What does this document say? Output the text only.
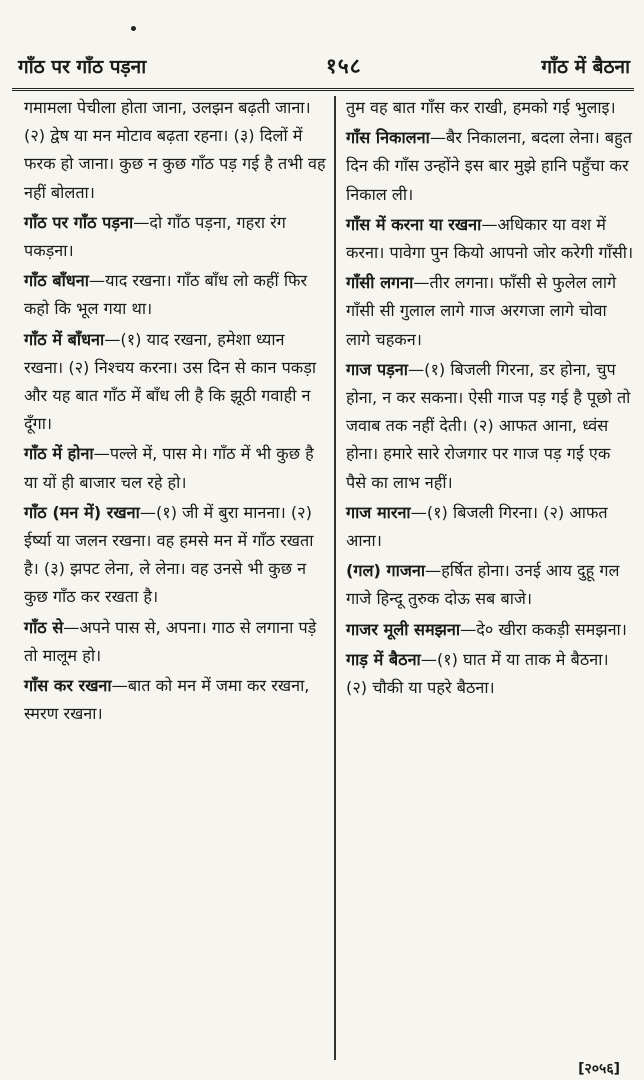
गाँठ पर गाँठ पड़ना	१५८	गाँठ में बैठना
गमामला पेचीला होता जाना, उलझन बढ़ती जाना। (२) द्वेष या मन मोटाव बढ़ता रहना। (३) दिलों में फरक हो जाना। कुछ न कुछ गाँठ पड़ गई है तभी वह नहीं बोलता।
गाँठ पर गाँठ पड़ना—दो गाँठ पड़ना, गहरा रंग पकड़ना।
गाँठ बाँधना—याद रखना। गाँठ बाँध लो कहीं फिर कहो कि भूल गया था।
गाँठ में बाँधना—(१) याद रखना, हमेशा ध्यान रखना। (२) निश्चय करना। उस दिन से कान पकड़ा और यह बात गाँठ में बाँध ली है कि झूठी गवाही न दूँगा।
गाँठ में होना—पल्ले में, पास मे। गाँठ में भी कुछ है या यों ही बाजार चल रहे हो।
गाँठ (मन में) रखना—(१) जी में बुरा मानना। (२) ईर्ष्या या जलन रखना। वह हमसे मन में गाँठ रखता है। (३) झपट लेना, ले लेना। वह उनसे भी कुछ न कुछ गाँठ कर रखता है।
गाँठ से—अपने पास से, अपना। गाठ से लगाना पड़े तो मालूम हो।
गाँस कर रखना—बात को मन में जमा कर रखना, स्मरण रखना।
तुम वह बात गाँस कर राखी, हमको गई भुलाइ।
गाँस निकालना—बैर निकालना, बदला लेना। बहुत दिन की गाँस उन्होंने इस बार मुझे हानि पहुँचा कर निकाल ली।
गाँस में करना या रखना—अधिकार या वश में करना। पावेगा पुन कियो आपनो जोर करेगी गाँसी।
गाँसी लगना—तीर लगना। फाँसी से फुलेल लागे गाँसी सी गुलाल लागे गाज अरगजा लागे चोवा लागे चहकन।
गाज पड़ना—(१) बिजली गिरना, डर होना, चुप होना, न कर सकना। ऐसी गाज पड़ गई है पूछो तो जवाब तक नहीं देती। (२) आफत आना, ध्वंस होना। हमारे सारे रोजगार पर गाज पड़ गई एक पैसे का लाभ नहीं।
गाज मारना—(१) बिजली गिरना। (२) आफत आना।
(गल) गाजना—हर्षित होना। उनई आय दुहू गल गाजे हिन्दू तुरुक दोऊ सब बाजे।
गाजर मूली समझना—दे० खीरा ककड़ी समझना।
गाड़ में बैठना—(१) घात में या ताक मे बैठना। (२) चौकी या पहरे बैठना।
[२०५६]
